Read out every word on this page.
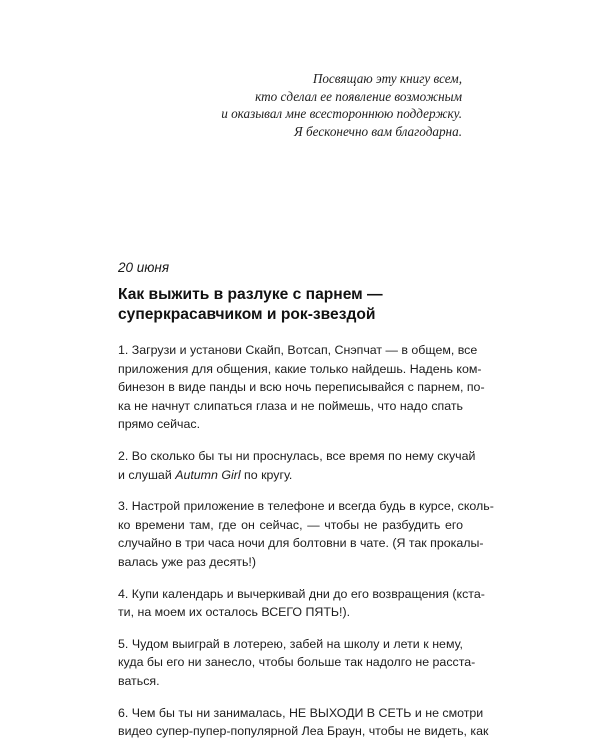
Посвящаю эту книгу всем,
кто сделал ее появление возможным
и оказывал мне всестороннюю поддержку.
Я бесконечно вам благодарна.
20 июня
Как выжить в разлуке с парнем —
суперкрасавчиком и рок-звездой
1. Загрузи и установи Скайп, Вотсап, Снэпчат — в общем, все
приложения для общения, какие только найдешь. Надень ком-
бинезон в виде панды и всю ночь переписывайся с парнем, по-
ка не начнут слипаться глаза и не поймешь, что надо спать
прямо сейчас.
2. Во сколько бы ты ни проснулась, все время по нему скучай
и слушай Autumn Girl по кругу.
3. Настрой приложение в телефоне и всегда будь в курсе, сколь-
ко времени там, где он сейчас, — чтобы не разбудить его
случайно в три часа ночи для болтовни в чате. (Я так прокалы-
валась уже раз десять!)
4. Купи календарь и вычеркивай дни до его возвращения (кста-
ти, на моем их осталось ВСЕГО ПЯТЬ!).
5. Чудом выиграй в лотерею, забей на школу и лети к нему,
куда бы его ни занесло, чтобы больше так надолго не расста-
ваться.
6. Чем бы ты ни занималась, НЕ ВЫХОДИ В СЕТЬ и не смотри
видео супер-пупер-популярной Леа Браун, чтобы не видеть, как
